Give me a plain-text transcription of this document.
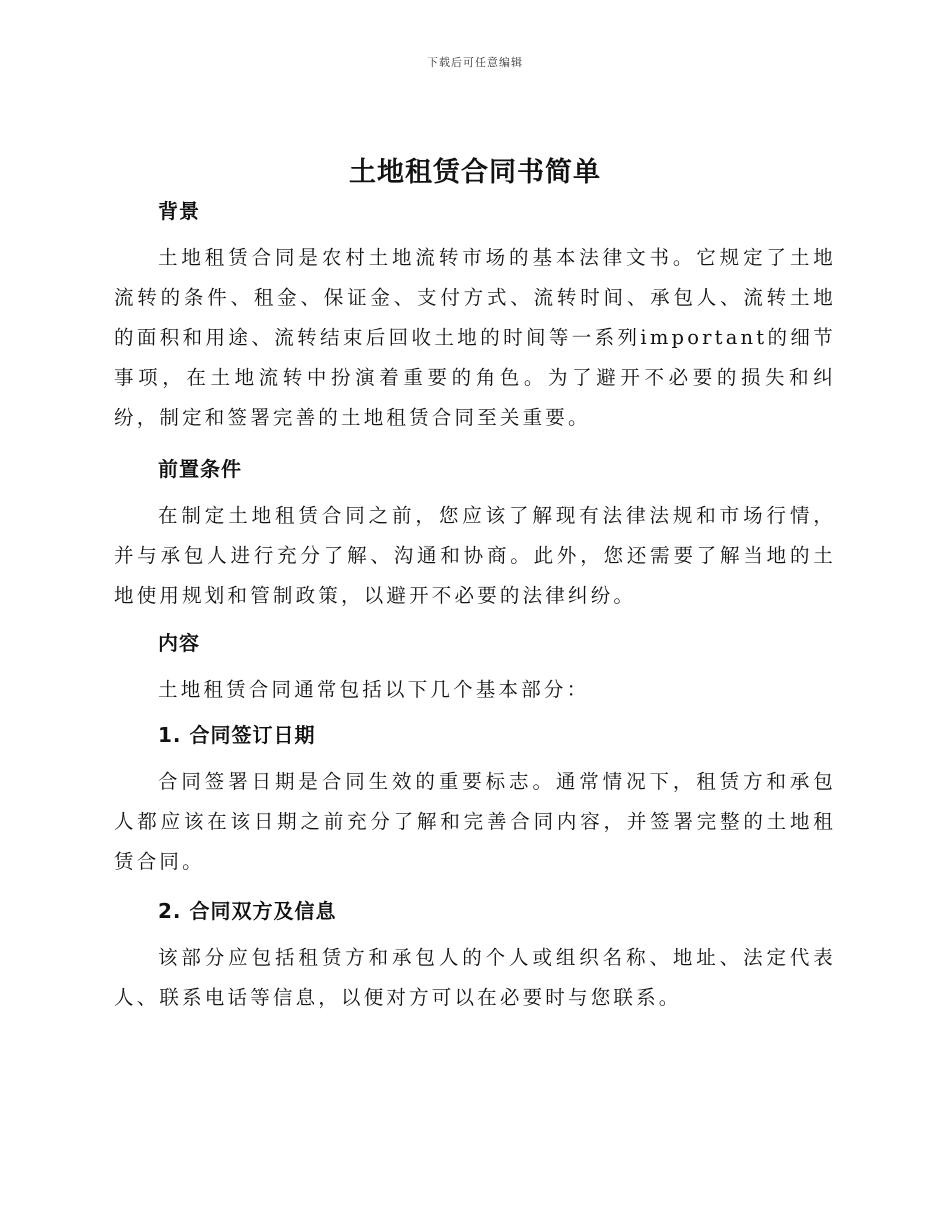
下载后可任意编辑
土地租赁合同书简单
背景

土地租赁合同是农村土地流转市场的基本法律文书。它规定了土地流转的条件、租金、保证金、支付方式、流转时间、承包人、流转土地的面积和用途、流转结束后回收土地的时间等一系列important的细节事项，在土地流转中扮演着重要的角色。为了避开不必要的损失和纠纷，制定和签署完善的土地租赁合同至关重要。

前置条件

在制定土地租赁合同之前，您应该了解现有法律法规和市场行情，并与承包人进行充分了解、沟通和协商。此外，您还需要了解当地的土地使用规划和管制政策，以避开不必要的法律纠纷。

内容

土地租赁合同通常包括以下几个基本部分：

1. 合同签订日期

合同签署日期是合同生效的重要标志。通常情况下，租赁方和承包人都应该在该日期之前充分了解和完善合同内容，并签署完整的土地租赁合同。

2. 合同双方及信息

该部分应包括租赁方和承包人的个人或组织名称、地址、法定代表人、联系电话等信息，以便对方可以在必要时与您联系。
